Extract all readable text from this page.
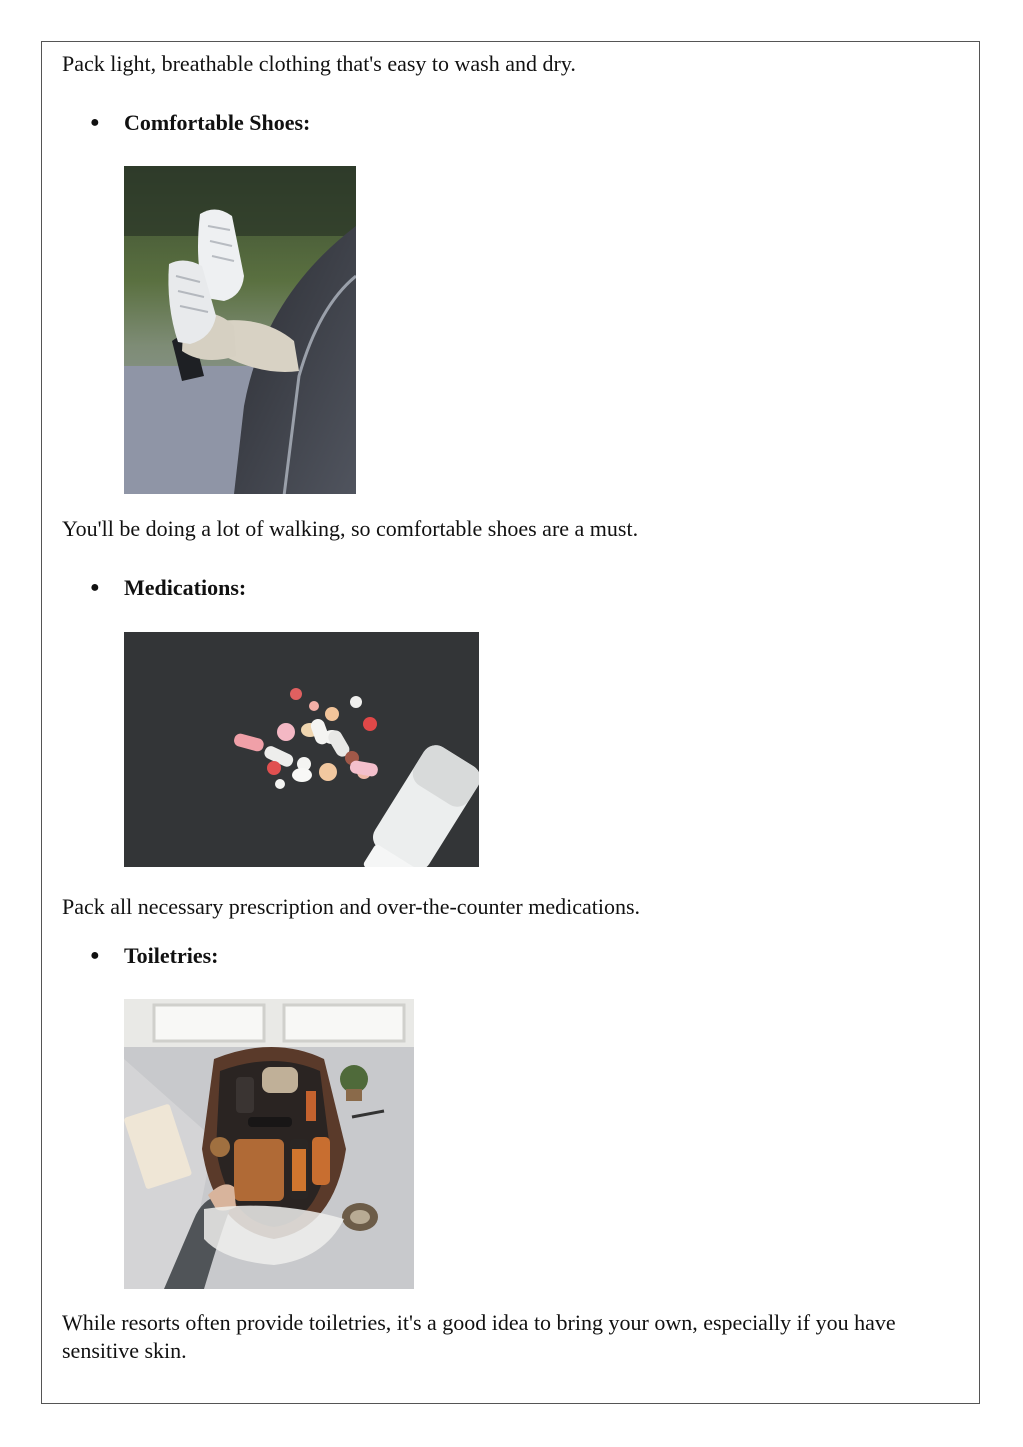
Pack light, breathable clothing that's easy to wash and dry.

● Comfortable Shoes:

You'll be doing a lot of walking, so comfortable shoes are a must.

● Medications:

Pack all necessary prescription and over-the-counter medications.

● Toiletries:

While resorts often provide toiletries, it's a good idea to bring your own, especially if you have sensitive skin.
